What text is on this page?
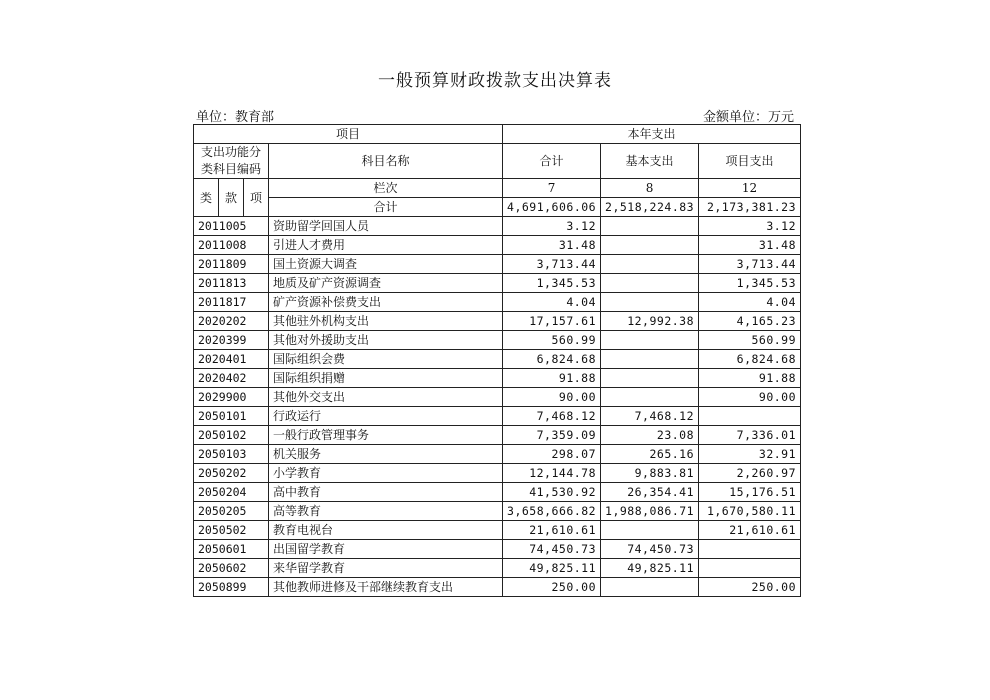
一般预算财政拨款支出决算表
单位：教育部	金额单位：万元
项目				本年支出		
支出功能分类科目编码			科目名称	合计	基本支出	项目支出
类	款	项				
			栏次	7	8	12
			合计	4,691,606.06	2,518,224.83	2,173,381.23
2011005			资助留学回国人员	3.12		3.12
2011008			引进人才费用	31.48		31.48
2011809			国土资源大调查	3,713.44		3,713.44
2011813			地质及矿产资源调查	1,345.53		1,345.53
2011817			矿产资源补偿费支出	4.04		4.04
2020202			其他驻外机构支出	17,157.61	12,992.38	4,165.23
2020399			其他对外援助支出	560.99		560.99
2020401			国际组织会费	6,824.68		6,824.68
2020402			国际组织捐赠	91.88		91.88
2029900			其他外交支出	90.00		90.00
2050101			行政运行	7,468.12	7,468.12	
2050102			一般行政管理事务	7,359.09	23.08	7,336.01
2050103			机关服务	298.07	265.16	32.91
2050202			小学教育	12,144.78	9,883.81	2,260.97
2050204			高中教育	41,530.92	26,354.41	15,176.51
2050205			高等教育	3,658,666.82	1,988,086.71	1,670,580.11
2050502			教育电视台	21,610.61		21,610.61
2050601			出国留学教育	74,450.73	74,450.73	
2050602			来华留学教育	49,825.11	49,825.11	
2050899			其他教师进修及干部继续教育支出	250.00		250.00
